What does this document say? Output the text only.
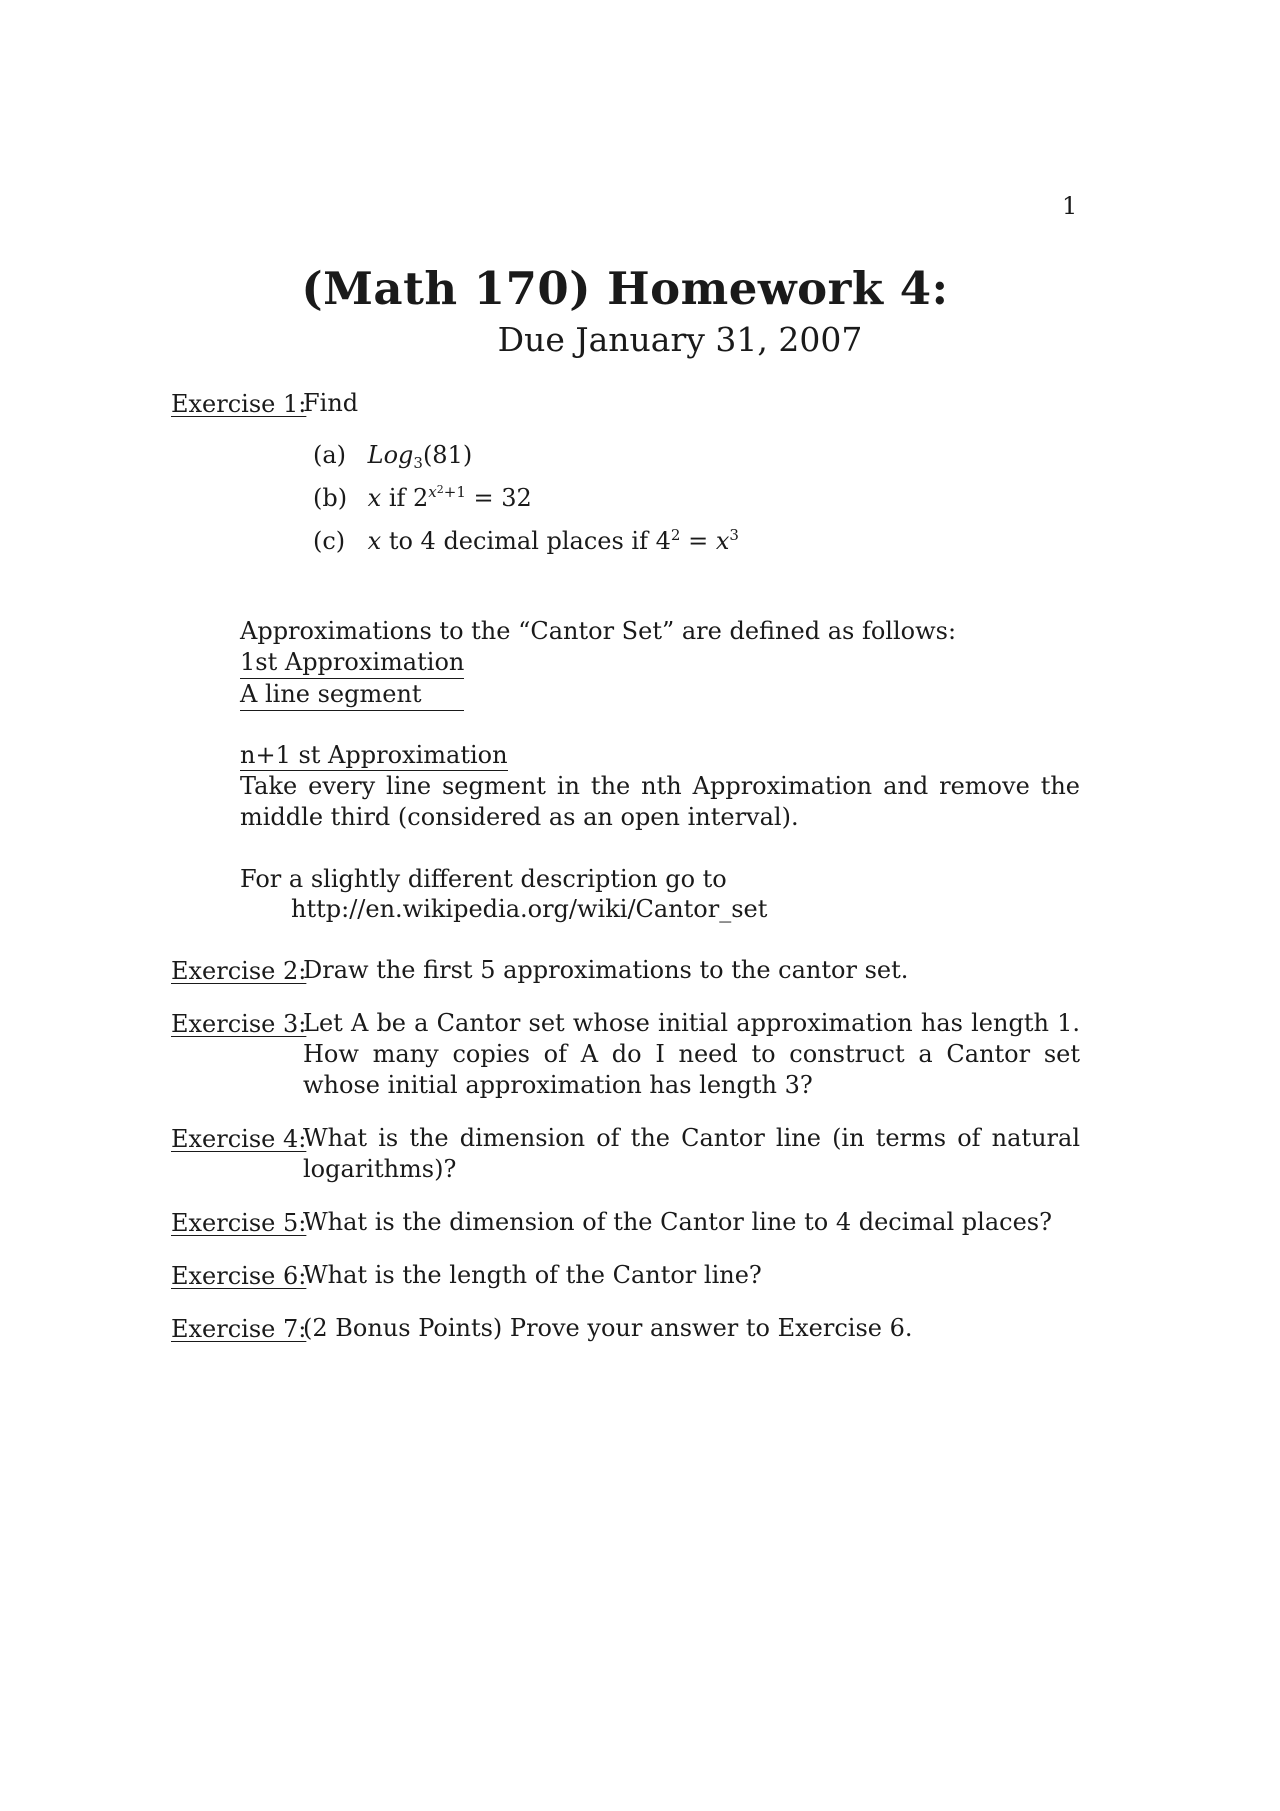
1
(Math 170) Homework 4:
Due January 31, 2007
Exercise 1:
Find
(a) Log$_3$(81)
(b) x if $2^{x^2+1} = 32$
(c) x to 4 decimal places if $4^2 = x^3$
Approximations to the “Cantor Set” are defined as follows:
1st Approximation
A line segment
n+1 st Approximation
Take every line segment in the nth Approximation and remove the middle third (considered as an open interval).
For a slightly different description go to
http://en.wikipedia.org/wiki/Cantor_set
Exercise 2:
Draw the first 5 approximations to the cantor set.
Exercise 3:
Let A be a Cantor set whose initial approximation has length 1. How many copies of A do I need to construct a Cantor set whose initial approximation has length 3?
Exercise 4:
What is the dimension of the Cantor line (in terms of natural logarithms)?
Exercise 5:
What is the dimension of the Cantor line to 4 decimal places?
Exercise 6:
What is the length of the Cantor line?
Exercise 7:
(2 Bonus Points) Prove your answer to Exercise 6.
